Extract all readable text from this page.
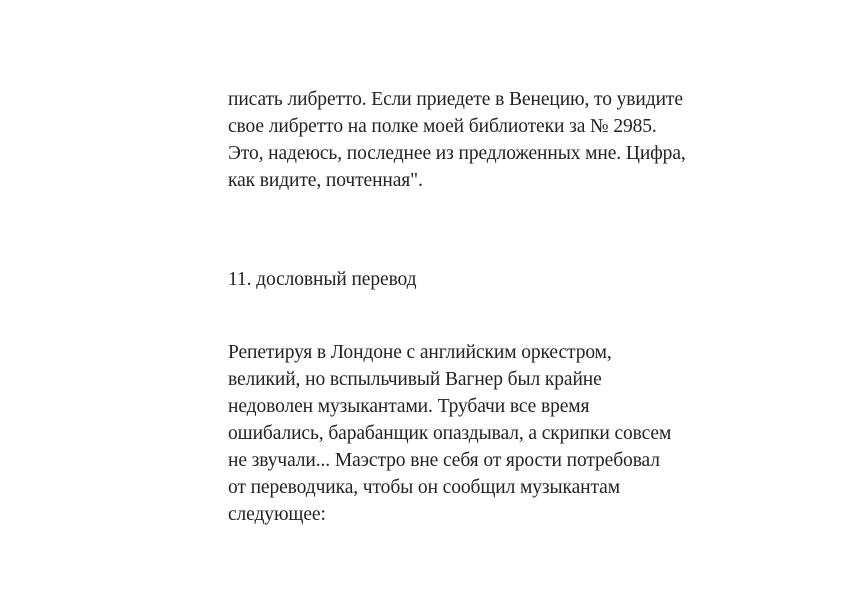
писать либретто. Если приедете в Венецию, то увидите
свое либретто на полке моей библиотеки за № 2985.
Это, надеюсь, последнее из предложенных мне. Цифра,
как видите, почтенная".
11. дословный перевод
Репетируя в Лондоне с английским оркестром,
великий, но вспыльчивый Вагнер был крайне
недоволен музыкантами. Трубачи все время
ошибались, барабанщик опаздывал, а скрипки совсем
не звучали... Маэстро вне себя от ярости потребовал
от переводчика, чтобы он сообщил музыкантам
следующее:
